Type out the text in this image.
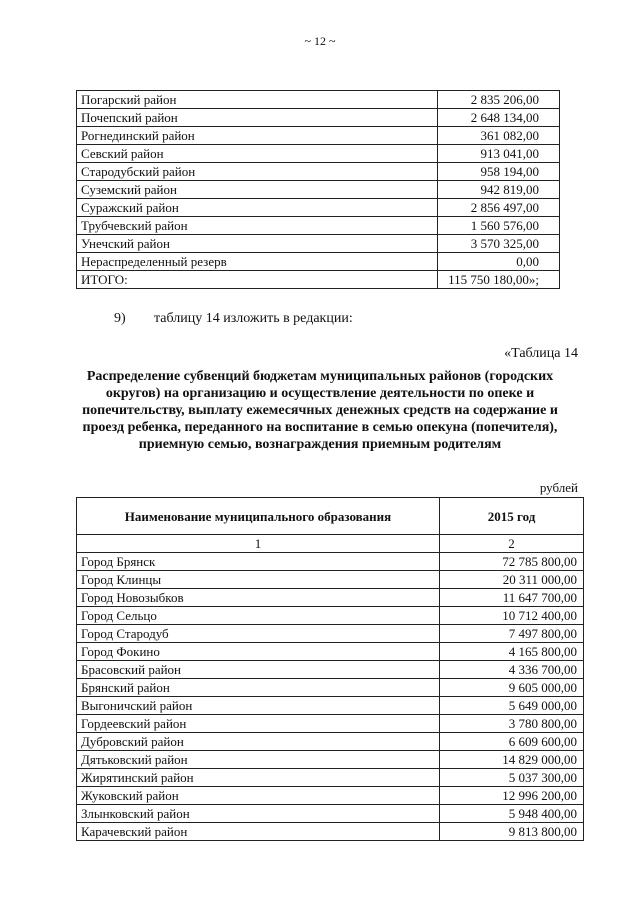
~ 12 ~
Погарский район	2 835 206,00
Почепский район	2 648 134,00
Рогнединский район	361 082,00
Севский район	913 041,00
Стародубский район	958 194,00
Суземский район	942 819,00
Суражский район	2 856 497,00
Трубчевский район	1 560 576,00
Унечский район	3 570 325,00
Нераспределенный резерв	0,00
ИТОГО:	115 750 180,00»;
9) таблицу 14 изложить в редакции:
«Таблица 14
Распределение субвенций бюджетам муниципальных районов (городских округов) на организацию и осуществление деятельности по опеке и попечительству, выплату ежемесячных денежных средств на содержание и проезд ребенка, переданного на воспитание в семью опекуна (попечителя), приемную семью, вознаграждения приемным родителям
рублей
Наименование муниципального образования	2015 год
1	2
Город Брянск	72 785 800,00
Город Клинцы	20 311 000,00
Город Новозыбков	11 647 700,00
Город Сельцо	10 712 400,00
Город Стародуб	7 497 800,00
Город Фокино	4 165 800,00
Брасовский район	4 336 700,00
Брянский район	9 605 000,00
Выгоничский район	5 649 000,00
Гордеевский район	3 780 800,00
Дубровский район	6 609 600,00
Дятьковский район	14 829 000,00
Жирятинский район	5 037 300,00
Жуковский район	12 996 200,00
Злынковский район	5 948 400,00
Карачевский район	9 813 800,00
